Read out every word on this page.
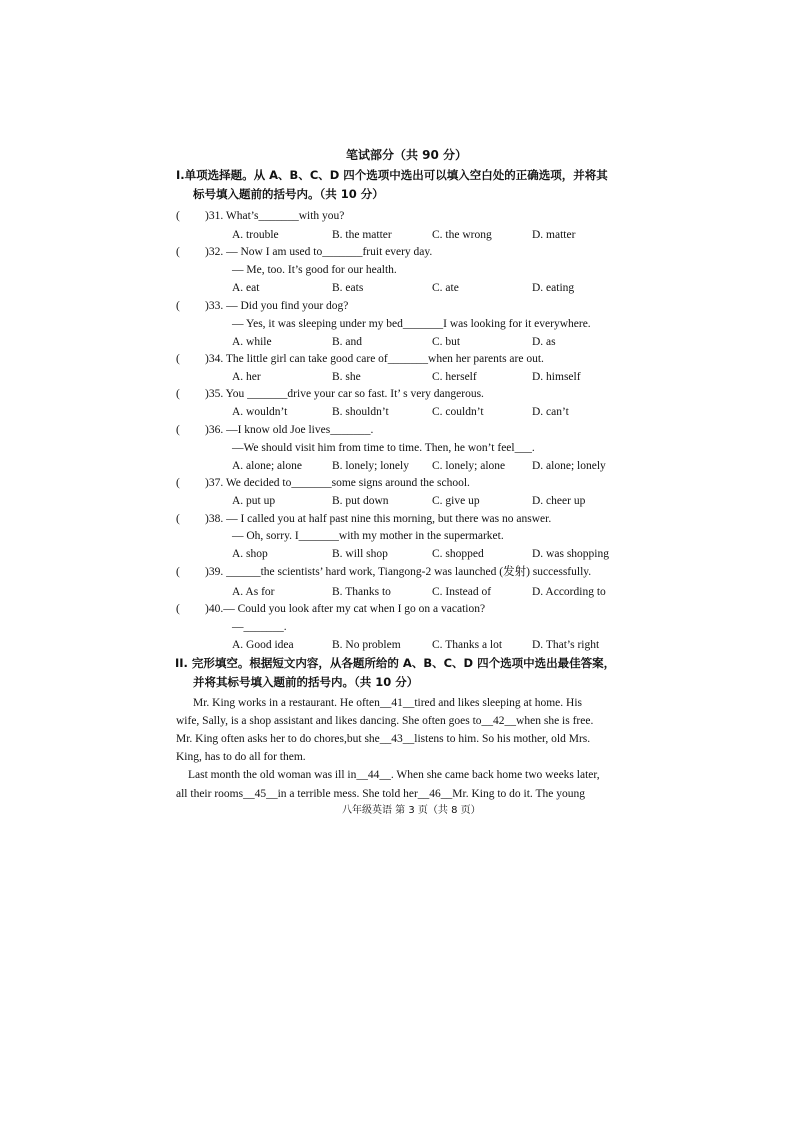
笔试部分（共 90 分）
Ⅰ.单项选择题。从 A、B、C、D 四个选项中选出可以填入空白处的正确选项，并将其
标号填入题前的括号内。（共 10 分）
( )31. What’s_______with you?
A. trouble	B. the matter	C. the wrong	D. matter
( )32. — Now I am used to_______fruit every day.
— Me, too. It’s good for our health.
A. eat	B. eats	C. ate	D. eating
( )33. — Did you find your dog?
— Yes, it was sleeping under my bed_______I was looking for it everywhere.
A. while	B. and	C. but	D. as
( )34. The little girl can take good care of_______when her parents are out.
A. her	B. she	C. herself	D. himself
( )35. You _______drive your car so fast. It’ s very dangerous.
A. wouldn’t	B. shouldn’t	C. couldn’t	D. can’t
( )36. —I know old Joe lives_______.
—We should visit him from time to time. Then, he won’t feel___.
A. alone; alone	B. lonely; lonely C. lonely; alone D. alone; lonely
( )37. We decided to_______some signs around the school.
A. put up	B. put down	C. give up	D. cheer up
( )38. — I called you at half past nine this morning, but there was no answer.
— Oh, sorry. I_______with my mother in the supermarket.
A. shop	B. will shop	C. shopped	D. was shopping
( )39. ______the scientists’ hard work, Tiangong-2 was launched (发射) successfully.
A. As for	B. Thanks to	C. Instead of	D. According to
( )40.— Could you look after my cat when I go on a vacation?
—_______.
A. Good idea	B. No problem	C. Thanks a lot	D. That’s right
II. 完形填空。根据短文内容，从各题所给的 A、B、C、D 四个选项中选出最佳答案，
并将其标号填入题前的括号内。（共 10 分）
Mr. King works in a restaurant. He often__41__tired and likes sleeping at home. His
wife, Sally, is a shop assistant and likes dancing. She often goes to__42__when she is free.
Mr. King often asks her to do chores,but she__43__listens to him. So his mother, old Mrs.
King, has to do all for them.
Last month the old woman was ill in__44__. When she came back home two weeks later,
all their rooms__45__in a terrible mess. She told her__46__Mr. King to do it. The young
八年级英语 第 3 页（共 8 页）
